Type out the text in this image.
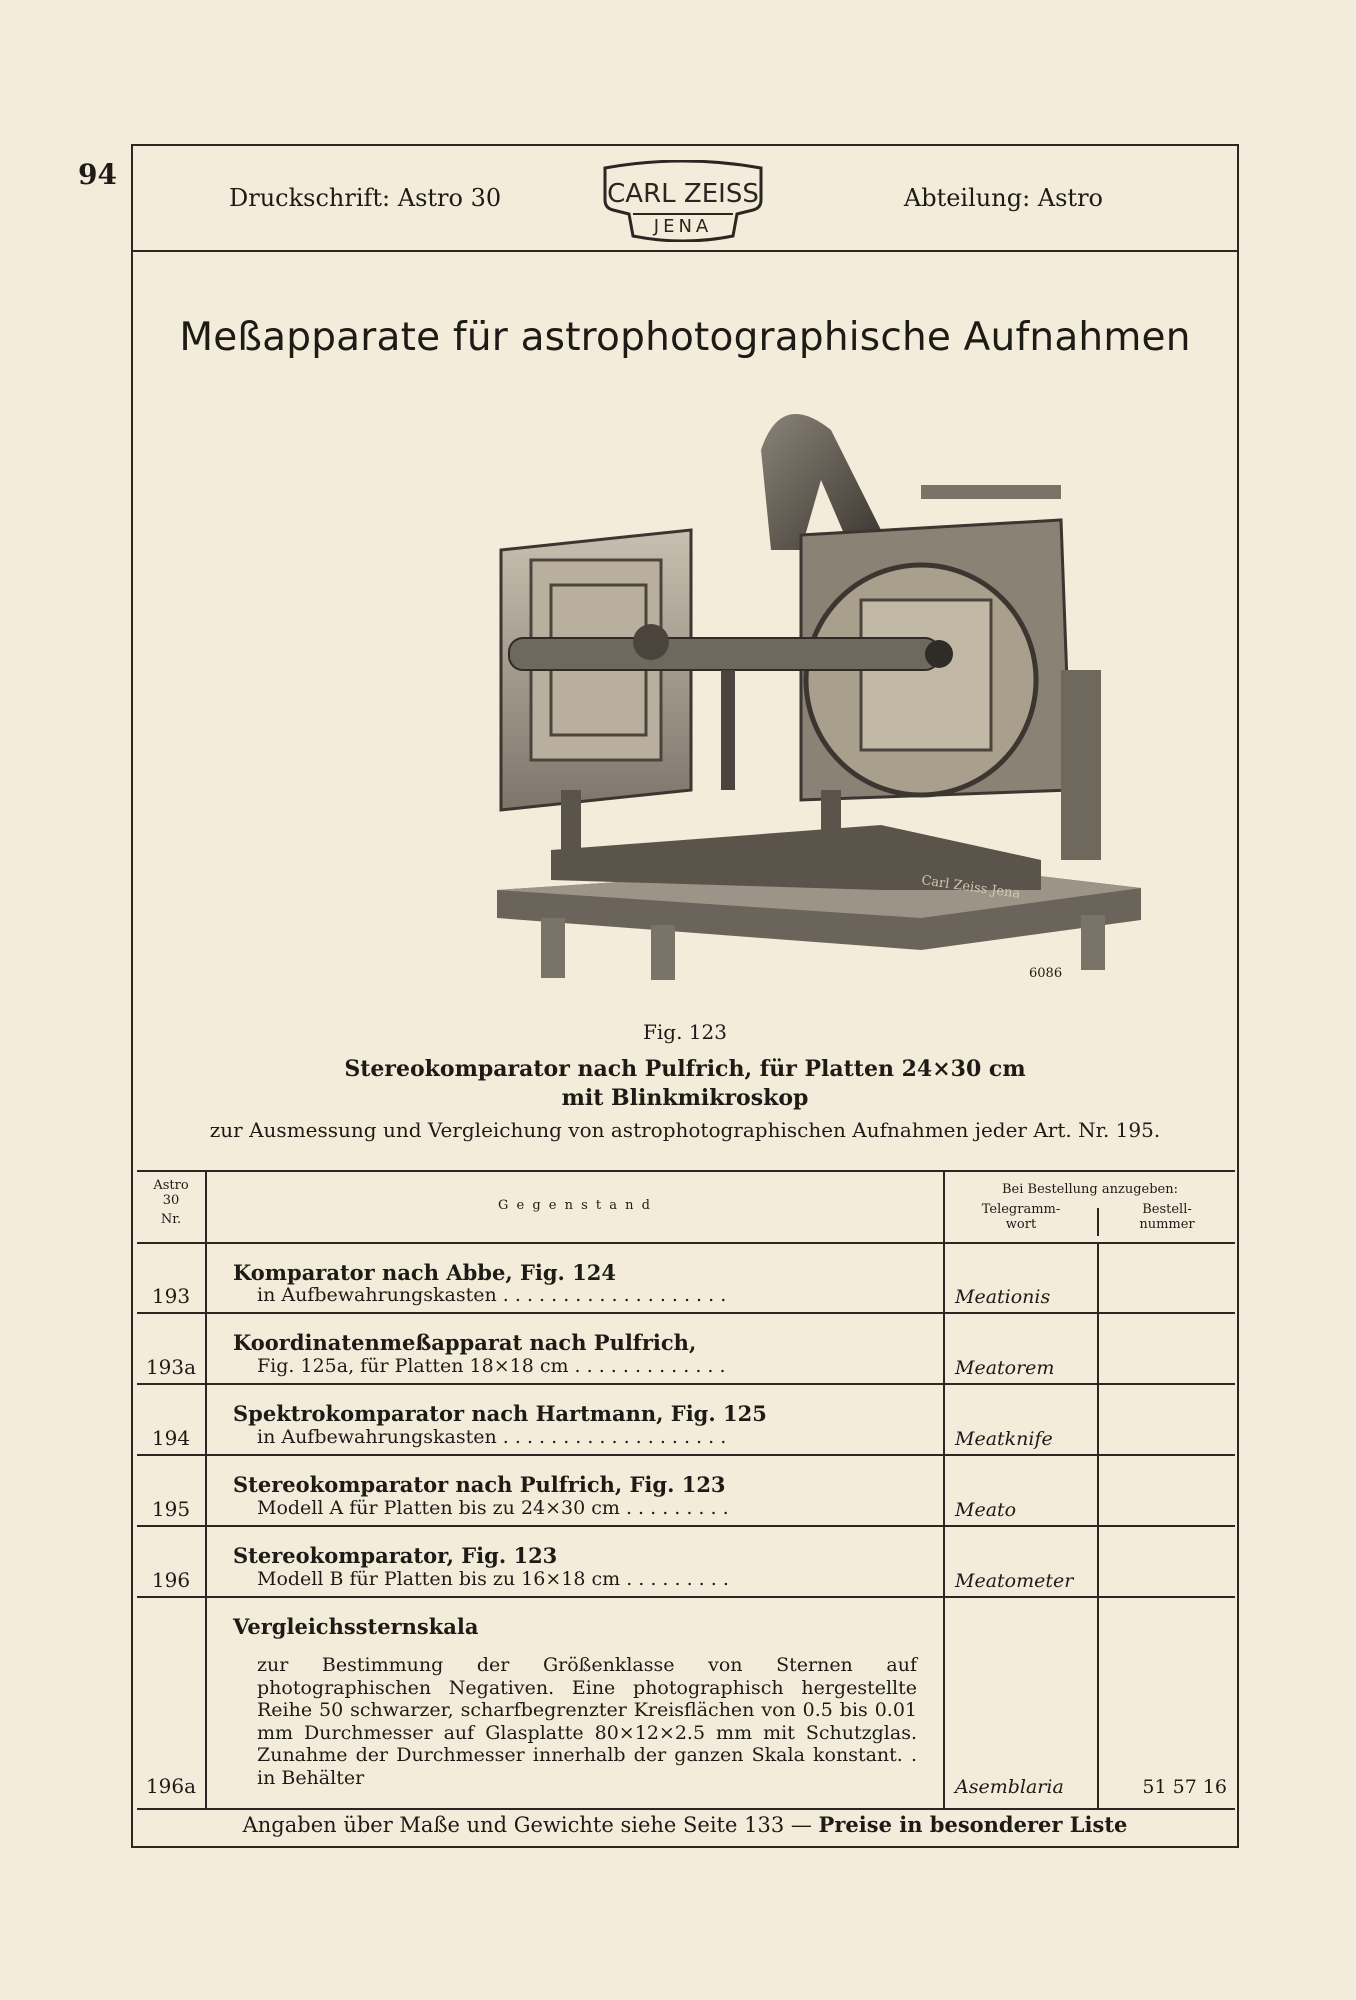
94
Druckschrift: Astro 30	CARL ZEISS
JENA
Abteilung: Astro
Meßapparate für astrophotographische Aufnahmen
Carl Zeiss Jena
6086
Fig. 123
Stereokomparator nach Pulfrich, für Platten 24×30 cm
mit Blinkmikroskop
zur Ausmessung und Vergleichung von astrophotographischen Aufnahmen jeder Art. Nr. 195.
Astro
30
Nr.
G e g e n s t a n d
Bei Bestellung anzugeben:
Telegramm-
wort
Bestell-
nummer
193
Komparator nach Abbe, Fig. 124
in Aufbewahrungskasten . . . . . . . . . . . . . . . . . . .	Meationis
193a
Koordinatenmeßapparat nach Pulfrich,
Fig. 125a, für Platten 18×18 cm . . . . . . . . . . . . .	Meatorem
194
Spektrokomparator nach Hartmann, Fig. 125
in Aufbewahrungskasten . . . . . . . . . . . . . . . . . . .	Meatknife
195
Stereokomparator nach Pulfrich, Fig. 123
Modell A für Platten bis zu 24×30 cm . . . . . . . . .	Meato
196
Stereokomparator, Fig. 123
Modell B für Platten bis zu 16×18 cm . . . . . . . . .	Meatometer
196a
Vergleichssternskala
zur Bestimmung der Größenklasse von Sternen auf photographischen Negativen. Eine photographisch hergestellte Reihe 50 schwarzer, scharfbegrenzter Kreisflächen von 0.5 bis 0.01 mm Durchmesser auf Glasplatte 80×12×2.5 mm mit Schutzglas. Zunahme der Durchmesser innerhalb der ganzen Skala konstant. . in Behälter	Asemblaria	51 57 16
Angaben über Maße und Gewichte siehe Seite 133 — Preise in besonderer Liste
